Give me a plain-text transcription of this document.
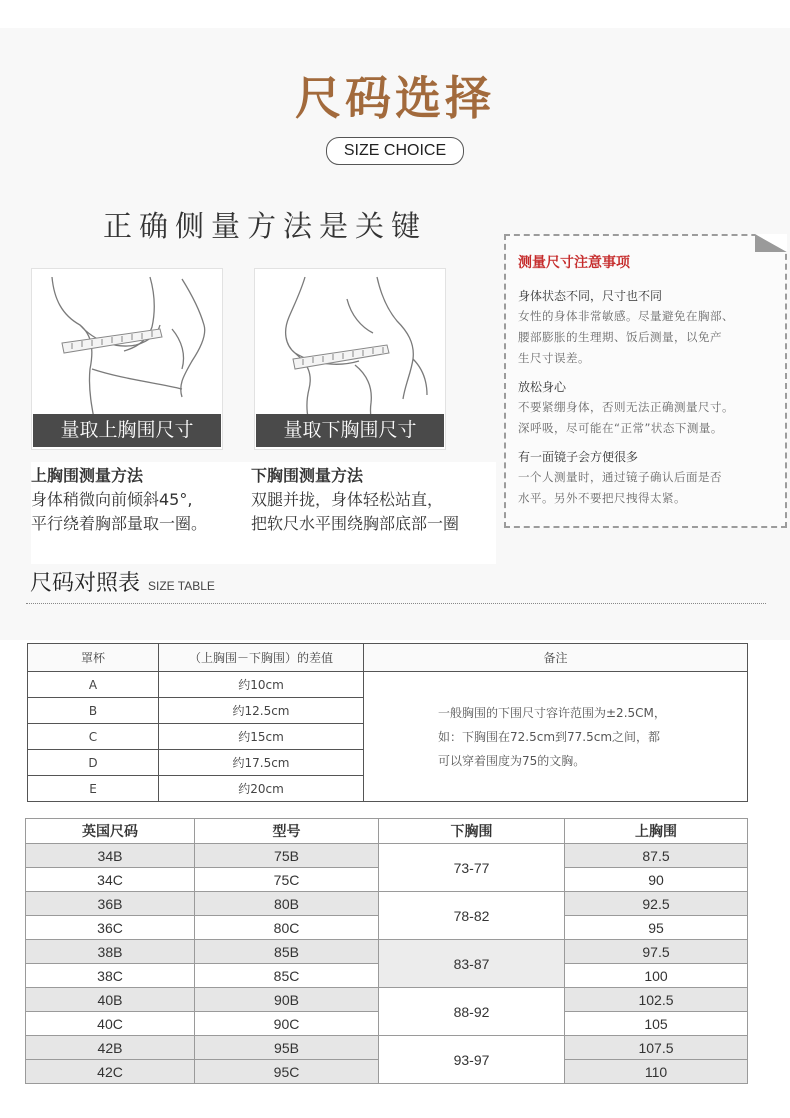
尺码选择
SIZE CHOICE
正确侧量方法是关键
量取上胸围尺寸	量取下胸围尺寸
上胸围测量方法
身体稍微向前倾斜45°,
平行绕着胸部量取一圈。
下胸围测量方法
双腿并拢，身体轻松站直，
把软尺水平围绕胸部底部一圈
测量尺寸注意事项
身体状态不同，尺寸也不同
女性的身体非常敏感。尽量避免在胸部、
腰部膨胀的生理期、饭后测量，以免产
生尺寸误差。
放松身心
不要紧绷身体，否则无法正确测量尺寸。
深呼吸，尽可能在“正常”状态下测量。
有一面镜子会方便很多
一个人测量时，通过镜子确认后面是否
水平。另外不要把尺拽得太紧。
尺码对照表 SIZE TABLE
罩杯	（上胸围－下胸围）的差值	备注
A	约10cm	一般胸围的下围尺寸容许范围为±2.5CM，
如：下胸围在72.5cm到77.5cm之间，都
可以穿着围度为75的文胸。

B	约12.5cm	
C	约15cm	
D	约17.5cm	
E	约20cm	
英国尺码	型号	下胸围	上胸围
34B	75B	73-77	87.5
34C	75C		90
36B	80B	78-82	92.5
36C	80C		95
38B	85B	83-87	97.5
38C	85C		100
40B	90B	88-92	102.5
40C	90C		105
42B	95B	93-97	107.5
42C	95C		110
